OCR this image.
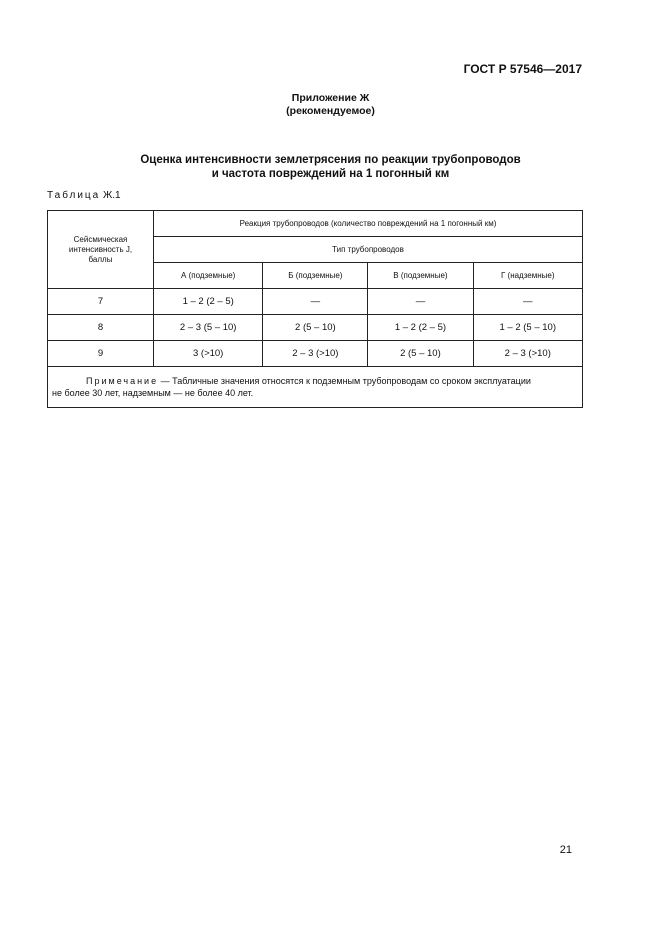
ГОСТ Р 57546—2017
Приложение Ж
(рекомендуемое)
Оценка интенсивности землетрясения по реакции трубопроводов
и частота повреждений на 1 погонный км
Таблица Ж.1
Сейсмическая
интенсивность J,
баллы	Реакция трубопроводов (количество повреждений на 1 погонный км)			
	Тип трубопроводов			
	А (подземные)	Б (подземные)	В (подземные)	Г (надземные)
7	1 – 2 (2 – 5)	—	—	—
8	2 – 3 (5 – 10)	2 (5 – 10)	1 – 2 (2 – 5)	1 – 2 (5 – 10)
9	3 (>10)	2 – 3 (>10)	2 (5 – 10)	2 – 3 (>10)

Примечание — Табличные значения относятся к подземным трубопроводам со сроком эксплуатации
не более 30 лет, надземным — не более 40 лет.				
21
